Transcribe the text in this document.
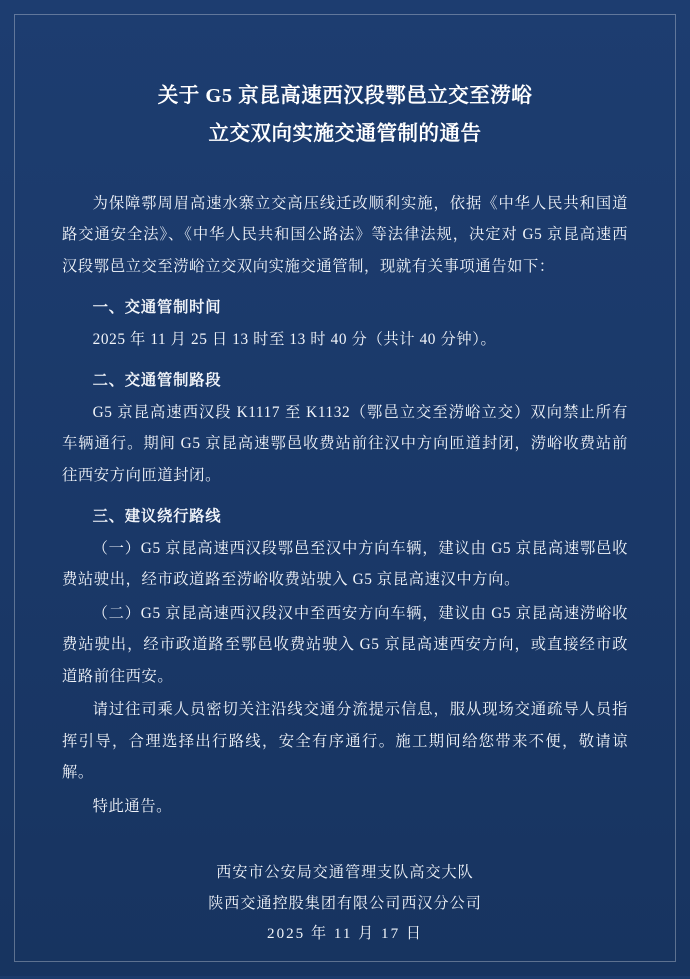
关于 G5 京昆高速西汉段鄂邑立交至涝峪
立交双向实施交通管制的通告

为保障鄠周眉高速水寨立交高压线迁改顺利实施，依据《中华人民共和国道路交通安全法》、《中华人民共和国公路法》等法律法规，决定对 G5 京昆高速西汉段鄂邑立交至涝峪立交双向实施交通管制，现就有关事项通告如下：

一、交通管制时间

2025 年 11 月 25 日 13 时至 13 时 40 分（共计 40 分钟）。

二、交通管制路段

G5 京昆高速西汉段 K1117 至 K1132（鄂邑立交至涝峪立交）双向禁止所有车辆通行。期间 G5 京昆高速鄂邑收费站前往汉中方向匝道封闭，涝峪收费站前往西安方向匝道封闭。

三、建议绕行路线

（一）G5 京昆高速西汉段鄂邑至汉中方向车辆，建议由 G5 京昆高速鄂邑收费站驶出，经市政道路至涝峪收费站驶入 G5 京昆高速汉中方向。

（二）G5 京昆高速西汉段汉中至西安方向车辆，建议由 G5 京昆高速涝峪收费站驶出，经市政道路至鄂邑收费站驶入 G5 京昆高速西安方向，或直接经市政道路前往西安。

请过往司乘人员密切关注沿线交通分流提示信息，服从现场交通疏导人员指挥引导，合理选择出行路线，安全有序通行。施工期间给您带来不便，敬请谅解。

特此通告。

西安市公安局交通管理支队高交大队
陕西交通控股集团有限公司西汉分公司
2025 年 11 月 17 日
